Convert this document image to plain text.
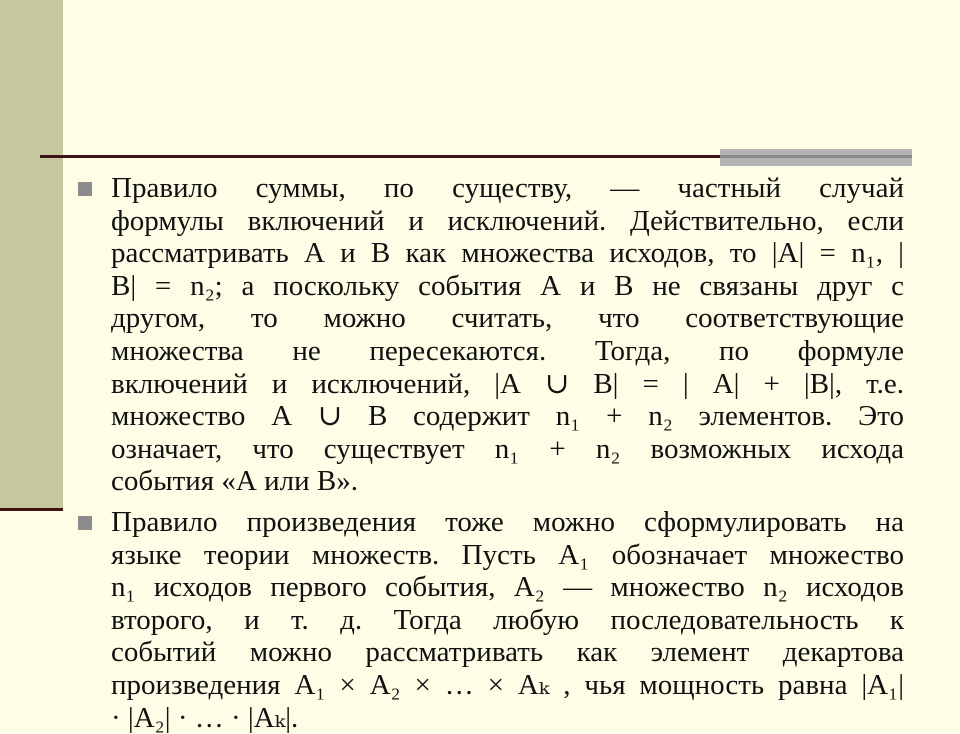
Правило суммы, по существу, — частный случай
формулы включений и исключений. Действительно, если
рассматривать А и В как множества исходов, то |А| = n₁, |
В| = n₂; а поскольку события А и В не связаны друг с
другом, то можно считать, что соответствующие
множества не пересекаются. Тогда, по формуле
включений и исключений, |А ∪ В| = | А| + |В|, т.е.
множество А ∪ В содержит n₁ + n₂ элементов. Это
означает, что существует n₁ + n₂ возможных исхода
события «А или В».
Правило произведения тоже можно сформулировать на
языке теории множеств. Пусть А₁ обозначает множество
n₁ исходов первого события, А₂ — множество n₂ исходов
второго, и т. д. Тогда любую последовательность к
событий можно рассматривать как элемент декартова
произведения А₁ × А₂ × … × Аₖ , чья мощность равна |А₁|
· |А₂| · … · |Аₖ|.
